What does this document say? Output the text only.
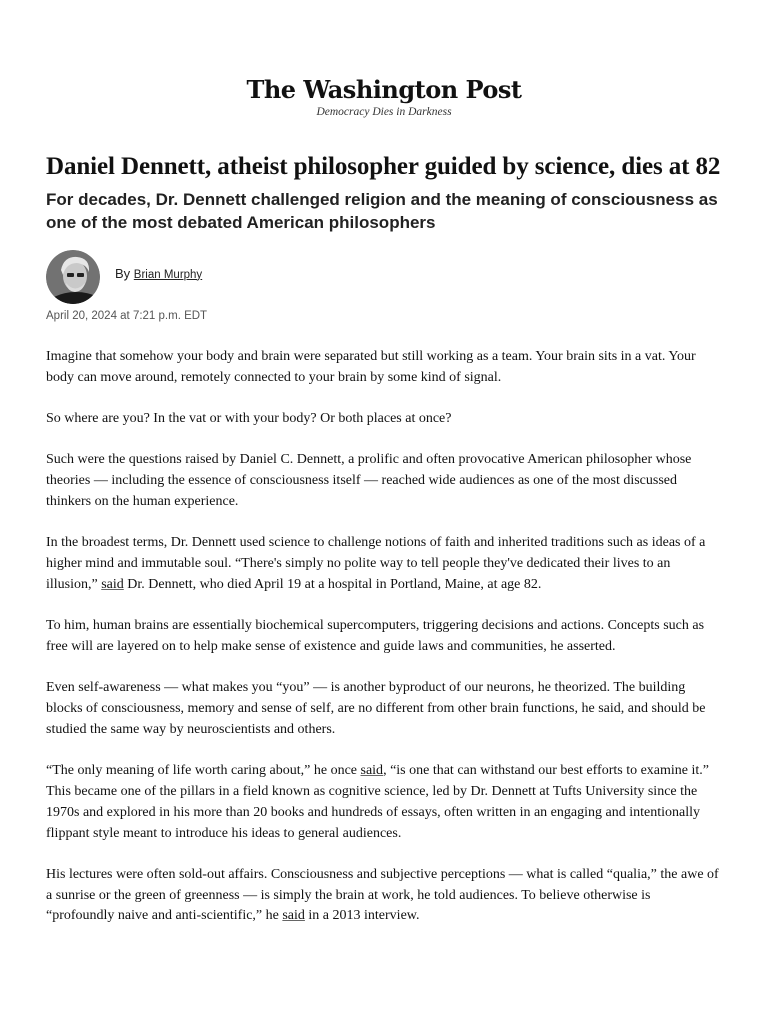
The Washington Post
Democracy Dies in Darkness
Daniel Dennett, atheist philosopher guided by science, dies at 82
For decades, Dr. Dennett challenged religion and the meaning of consciousness as one of the most debated American philosophers
By Brian Murphy
April 20, 2024 at 7:21 p.m. EDT

Imagine that somehow your body and brain were separated but still working as a team. Your brain sits in a vat. Your body can move around, remotely connected to your brain by some kind of signal.

So where are you? In the vat or with your body? Or both places at once?

Such were the questions raised by Daniel C. Dennett, a prolific and often provocative American philosopher whose theories — including the essence of consciousness itself — reached wide audiences as one of the most discussed thinkers on the human experience.

In the broadest terms, Dr. Dennett used science to challenge notions of faith and inherited traditions such as ideas of a higher mind and immutable soul. “There's simply no polite way to tell people they've dedicated their lives to an illusion,” said Dr. Dennett, who died April 19 at a hospital in Portland, Maine, at age 82.

To him, human brains are essentially biochemical supercomputers, triggering decisions and actions. Concepts such as free will are layered on to help make sense of existence and guide laws and communities, he asserted.

Even self-awareness — what makes you “you” — is another byproduct of our neurons, he theorized. The building blocks of consciousness, memory and sense of self, are no different from other brain functions, he said, and should be studied the same way by neuroscientists and others.

“The only meaning of life worth caring about,” he once said, “is one that can withstand our best efforts to examine it.” This became one of the pillars in a field known as cognitive science, led by Dr. Dennett at Tufts University since the 1970s and explored in his more than 20 books and hundreds of essays, often written in an engaging and intentionally flippant style meant to introduce his ideas to general audiences.

His lectures were often sold-out affairs. Consciousness and subjective perceptions — what is called “qualia,” the awe of a sunrise or the green of greenness — is simply the brain at work, he told audiences. To believe otherwise is “profoundly naive and anti-scientific,” he said in a 2013 interview.
